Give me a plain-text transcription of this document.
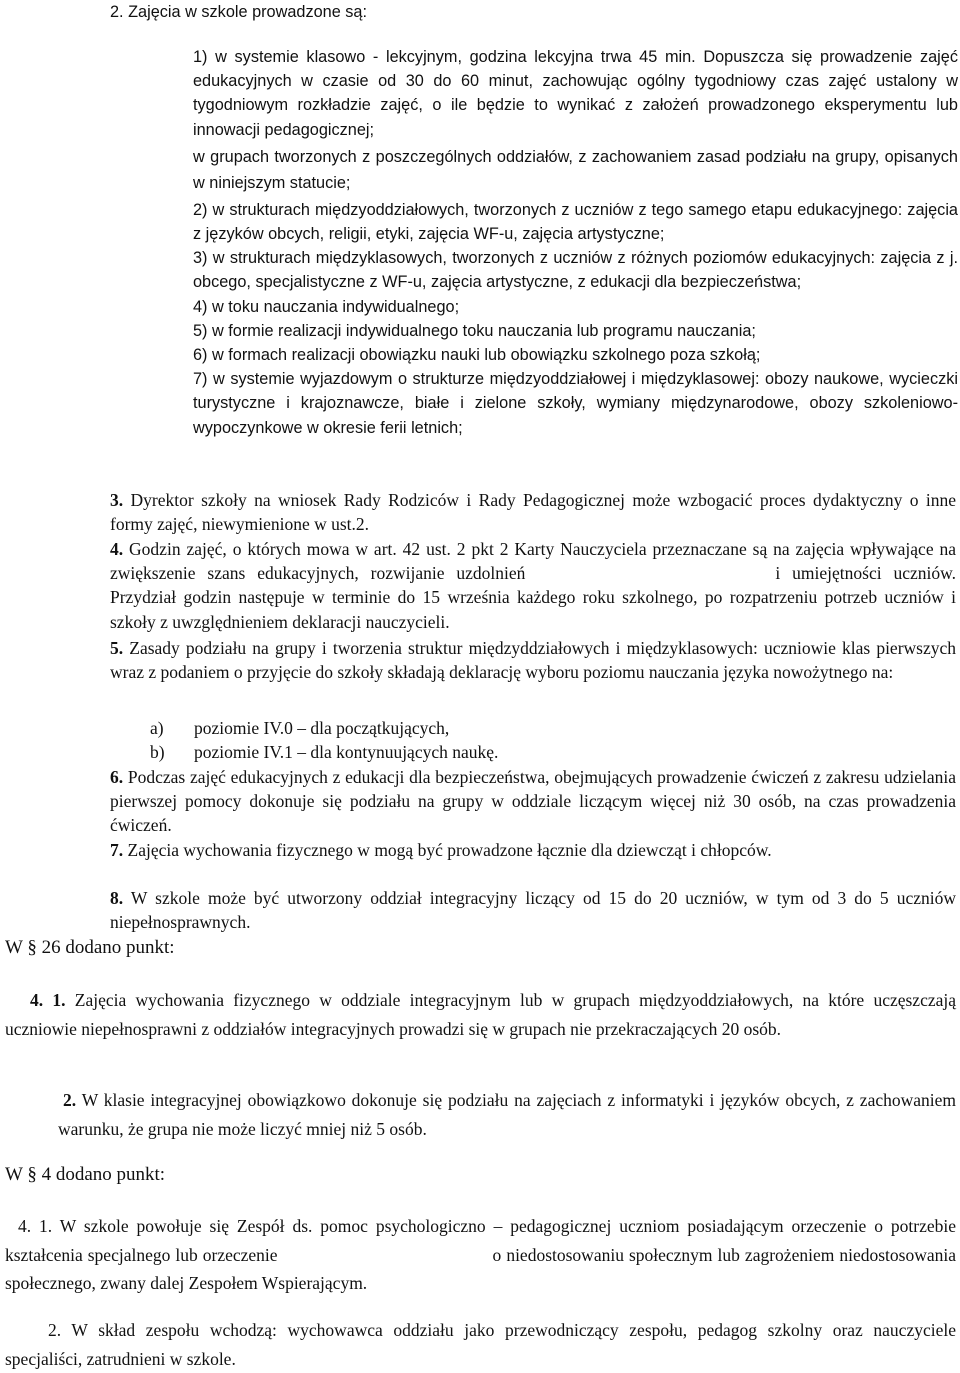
2. Zajęcia w szkole prowadzone są:

1) w systemie klasowo - lekcyjnym, godzina lekcyjna trwa 45 min. Dopuszcza się prowadzenie zajęć edukacyjnych w czasie od 30 do 60 minut, zachowując ogólny tygodniowy czas zajęć ustalony w tygodniowym rozkładzie zajęć, o ile będzie to wynikać z założeń prowadzonego eksperymentu lub innowacji pedagogicznej;

w grupach tworzonych z poszczególnych oddziałów, z zachowaniem zasad podziału na grupy, opisanych w niniejszym statucie;

2) w strukturach międzyoddziałowych, tworzonych z uczniów z tego samego etapu edukacyjnego: zajęcia z języków obcych, religii, etyki, zajęcia WF-u, zajęcia artystyczne;

3) w strukturach międzyklasowych, tworzonych z uczniów z różnych poziomów edukacyjnych: zajęcia z j. obcego, specjalistyczne z WF-u, zajęcia artystyczne, z edukacji dla bezpieczeństwa;

4) w toku nauczania indywidualnego;

5) w formie realizacji indywidualnego toku nauczania lub programu nauczania;

6) w formach realizacji obowiązku nauki lub obowiązku szkolnego poza szkołą;

7) w systemie wyjazdowym o strukturze międzyoddziałowej i międzyklasowej: obozy naukowe, wycieczki turystyczne i krajoznawcze, białe i zielone szkoły, wymiany międzynarodowe, obozy szkoleniowo- wypoczynkowe w okresie ferii letnich;

3. Dyrektor szkoły na wniosek Rady Rodziców i Rady Pedagogicznej może wzbogacić proces dydaktyczny o inne formy zajęć, niewymienione w ust.2.

4. Godzin zajęć, o których mowa w art. 42 ust. 2 pkt 2 Karty Nauczyciela przeznaczane są na zajęcia wpływające na zwiększenie szans edukacyjnych, rozwijanie uzdolnień	i umiejętności uczniów. Przydział godzin następuje w terminie do 15 września każdego roku szkolnego, po rozpatrzeniu potrzeb uczniów i szkoły z uwzględnieniem deklaracji nauczycieli.

5. Zasady podziału na grupy i tworzenia struktur międzyddziałowych i międzyklasowych: uczniowie klas pierwszych wraz z podaniem o przyjęcie do szkoły składają deklarację wyboru poziomu nauczania języka nowożytnego na:

a) poziomie IV.0 – dla początkujących,
b) poziomie IV.1 – dla kontynuujących naukę.

6. Podczas zajęć edukacyjnych z edukacji dla bezpieczeństwa, obejmujących prowadzenie ćwiczeń z zakresu udzielania pierwszej pomocy dokonuje się podziału na grupy w oddziale liczącym więcej niż 30 osób, na czas prowadzenia ćwiczeń.

7. Zajęcia wychowania fizycznego w mogą być prowadzone łącznie dla dziewcząt i chłopców.

8. W szkole może być utworzony oddział integracyjny liczący od 15 do 20 uczniów, w tym od 3 do 5 uczniów niepełnosprawnych.

W § 26 dodano punkt:

4. 1. Zajęcia wychowania fizycznego w oddziale integracyjnym lub w grupach międzyoddziałowych, na które uczęszczają uczniowie niepełnosprawni z oddziałów integracyjnych prowadzi się w grupach nie przekraczających 20 osób.

2. W klasie integracyjnej obowiązkowo dokonuje się podziału na zajęciach z informatyki i języków obcych, z zachowaniem warunku, że grupa nie może liczyć mniej niż 5 osób.

W § 4 dodano punkt:

4. 1. W szkole powołuje się Zespół ds. pomoc psychologiczno – pedagogicznej uczniom posiadającym orzeczenie o potrzebie kształcenia specjalnego lub orzeczenie	o niedostosowaniu społecznym lub zagrożeniem niedostosowania społecznego, zwany dalej Zespołem Wspierającym.

2. W skład zespołu wchodzą: wychowawca oddziału jako przewodniczący zespołu, pedagog szkolny oraz nauczyciele specjaliści, zatrudnieni w szkole.
